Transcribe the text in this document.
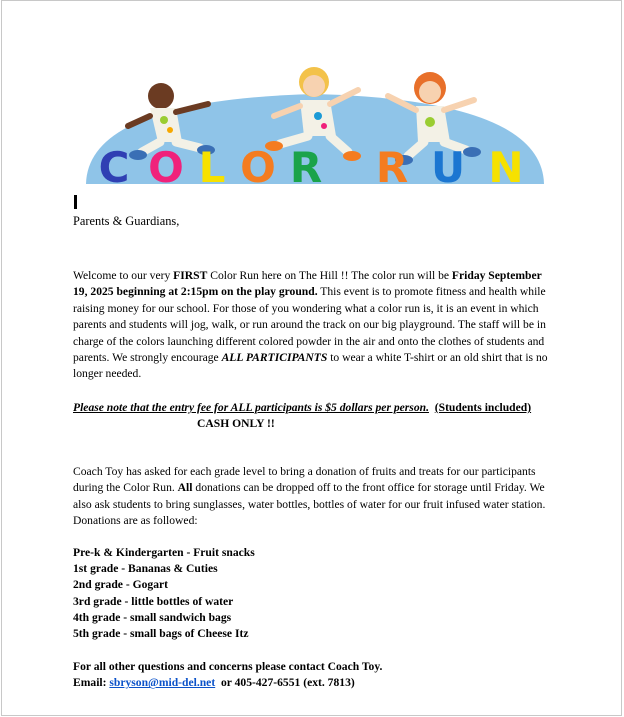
C O L O R R U N
Parents & Guardians,
Welcome to our very FIRST Color Run here on The Hill !! The color run will be Friday September 19, 2025 beginning at 2:15pm on the play ground. This event is to promote fitness and health while raising money for our school. For those of you wondering what a color run is, it is an event in which parents and students will jog, walk, or run around the track on our big playground. The staff will be in charge of the colors launching different colored powder in the air and onto the clothes of students and parents. We strongly encourage ALL PARTICIPANTS to wear a white T-shirt or an old shirt that is no longer needed.
Please note that the entry fee for ALL participants is $5 dollars per person. (Students included)CASH ONLY !!
Coach Toy has asked for each grade level to bring a donation of fruits and treats for our participants during the Color Run. All donations can be dropped off to the front office for storage until Friday. We also ask students to bring sunglasses, water bottles, bottles of water for our fruit infused water station. Donations are as followed:
Pre-k & Kindergarten - Fruit snacks
1st grade - Bananas & Cuties
2nd grade - Gogart
3rd grade - little bottles of water
4th grade - small sandwich bags
5th grade - small bags of Cheese Itz
For all other questions and concerns please contact Coach Toy.
Email: sbryson@mid-del.net  or 405-427-6551 (ext. 7813)
